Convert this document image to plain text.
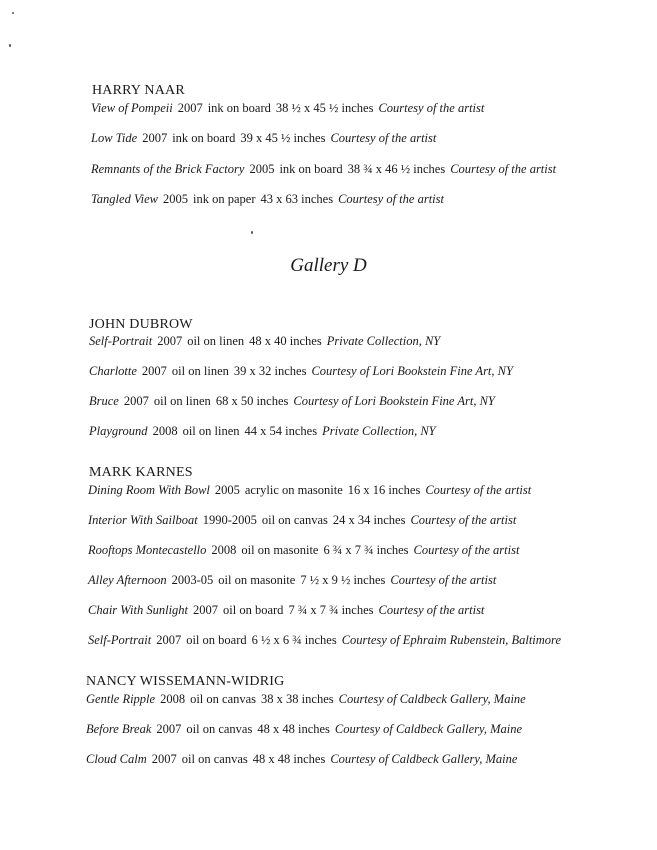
HARRY NAAR
View of Pompeii 2007 ink on board 38 ½ x 45 ½ inches Courtesy of the artist
Low Tide 2007 ink on board 39 x 45 ½ inches Courtesy of the artist
Remnants of the Brick Factory 2005 ink on board 38 ¾ x 46 ½ inches Courtesy of the artist
Tangled View 2005 ink on paper 43 x 63 inches Courtesy of the artist
Gallery D
JOHN DUBROW
Self-Portrait 2007 oil on linen 48 x 40 inches Private Collection, NY
Charlotte 2007 oil on linen 39 x 32 inches Courtesy of Lori Bookstein Fine Art, NY
Bruce 2007 oil on linen 68 x 50 inches Courtesy of Lori Bookstein Fine Art, NY
Playground 2008 oil on linen 44 x 54 inches Private Collection, NY
MARK KARNES
Dining Room With Bowl 2005 acrylic on masonite 16 x 16 inches Courtesy of the artist
Interior With Sailboat 1990-2005 oil on canvas 24 x 34 inches Courtesy of the artist
Rooftops Montecastello 2008 oil on masonite 6 ¾ x 7 ¾ inches Courtesy of the artist
Alley Afternoon 2003-05 oil on masonite 7 ½ x 9 ½ inches Courtesy of the artist
Chair With Sunlight 2007 oil on board 7 ¾ x 7 ¾ inches Courtesy of the artist
Self-Portrait 2007 oil on board 6 ½ x 6 ¾ inches Courtesy of Ephraim Rubenstein, Baltimore
NANCY WISSEMANN-WIDRIG
Gentle Ripple 2008 oil on canvas 38 x 38 inches Courtesy of Caldbeck Gallery, Maine
Before Break 2007 oil on canvas 48 x 48 inches Courtesy of Caldbeck Gallery, Maine
Cloud Calm 2007 oil on canvas 48 x 48 inches Courtesy of Caldbeck Gallery, Maine
